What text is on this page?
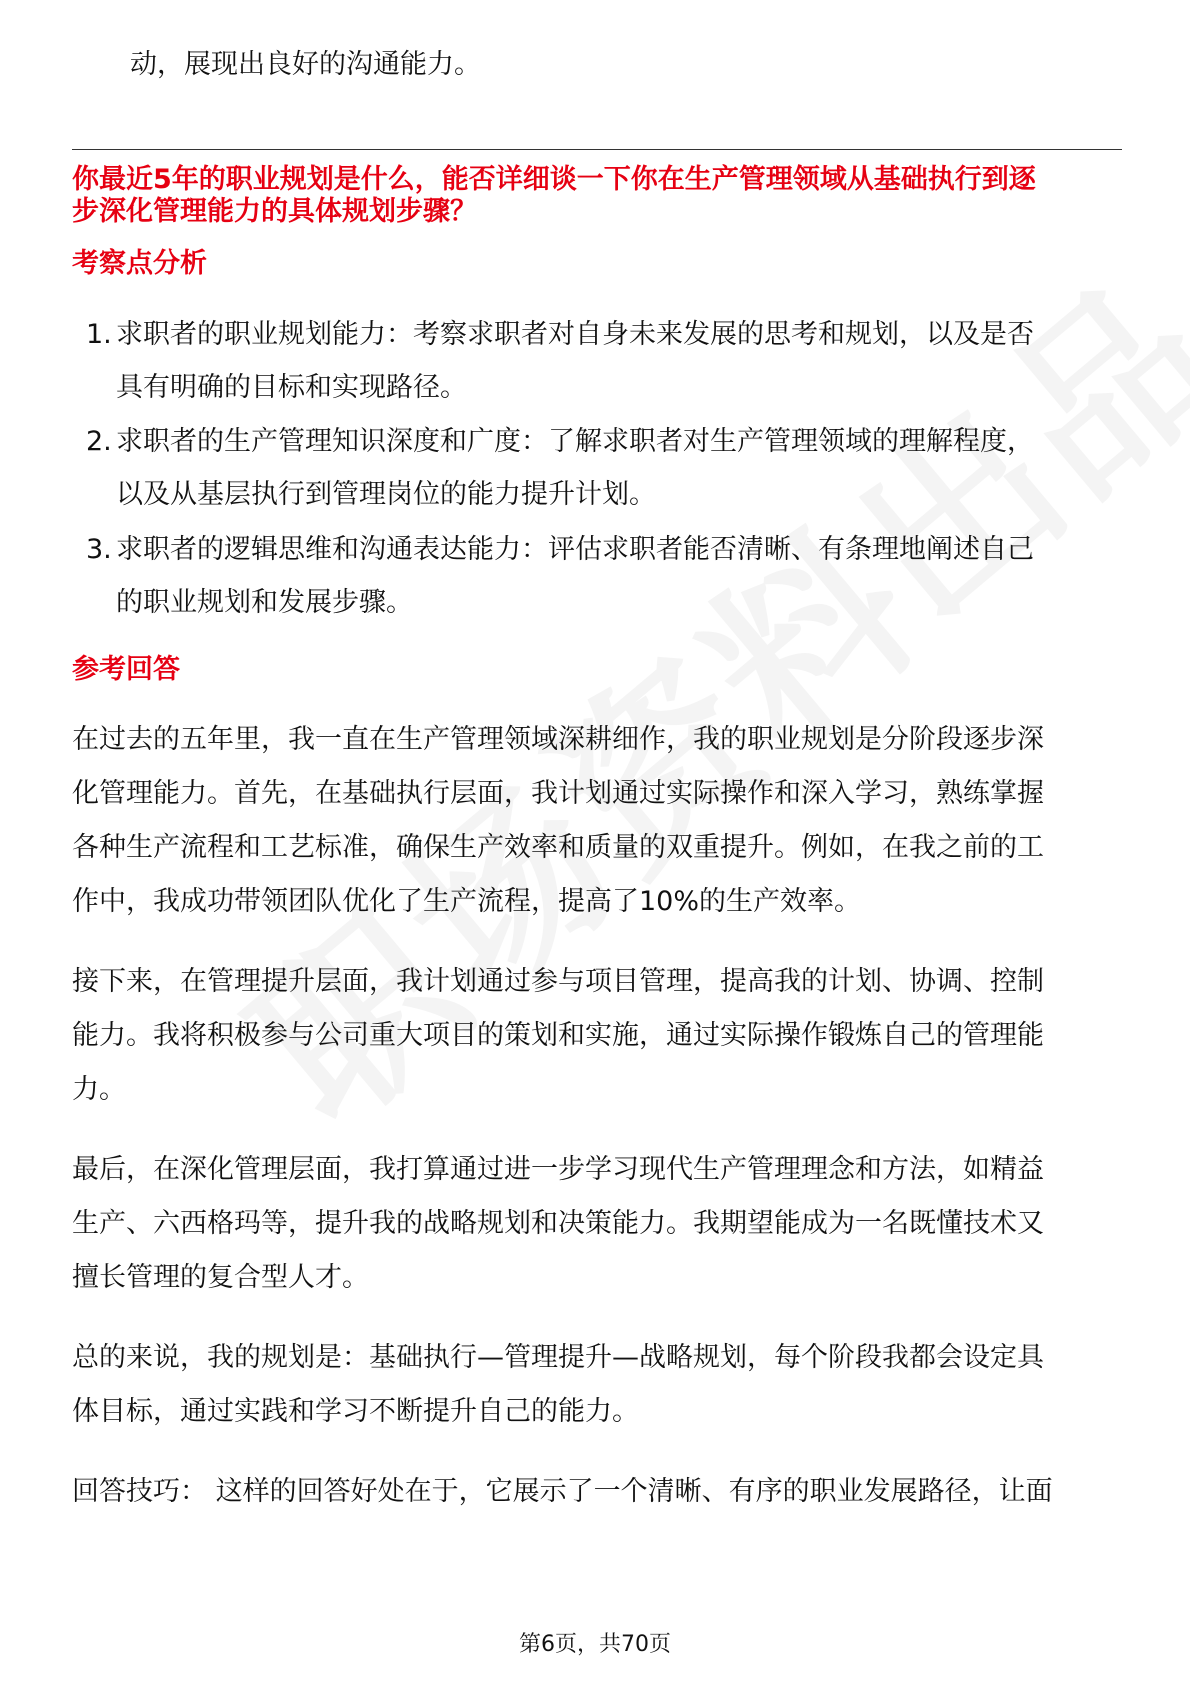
动，展现出良好的沟通能力。
你最近5年的职业规划是什么，能否详细谈一下你在生产管理领域从基础执行到逐
步深化管理能力的具体规划步骤？
考察点分析
1. 求职者的职业规划能力：考察求职者对自身未来发展的思考和规划，以及是否
具有明确的目标和实现路径。
2. 求职者的生产管理知识深度和广度：了解求职者对生产管理领域的理解程度，
以及从基层执行到管理岗位的能力提升计划。
3. 求职者的逻辑思维和沟通表达能力：评估求职者能否清晰、有条理地阐述自己
的职业规划和发展步骤。
参考回答
在过去的五年里，我一直在生产管理领域深耕细作，我的职业规划是分阶段逐步深
化管理能力。首先，在基础执行层面，我计划通过实际操作和深入学习，熟练掌握
各种生产流程和工艺标准，确保生产效率和质量的双重提升。例如，在我之前的工
作中，我成功带领团队优化了生产流程，提高了10%的生产效率。
接下来，在管理提升层面，我计划通过参与项目管理，提高我的计划、协调、控制
能力。我将积极参与公司重大项目的策划和实施，通过实际操作锻炼自己的管理能
力。
最后，在深化管理层面，我打算通过进一步学习现代生产管理理念和方法，如精益
生产、六西格玛等，提升我的战略规划和决策能力。我期望能成为一名既懂技术又
擅长管理的复合型人才。
总的来说，我的规划是：基础执行—管理提升—战略规划，每个阶段我都会设定具
体目标，通过实践和学习不断提升自己的能力。
回答技巧： 这样的回答好处在于，它展示了一个清晰、有序的职业发展路径，让面
第6页，共70页
